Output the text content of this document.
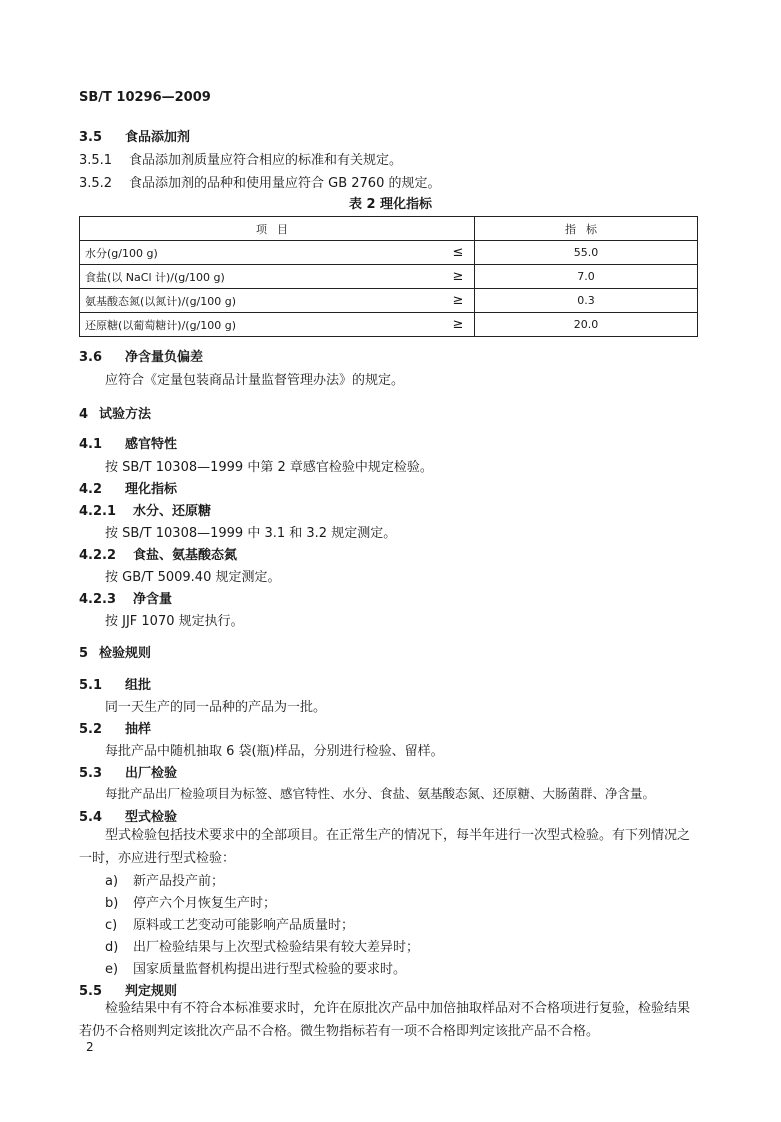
SB/T 10296—2009
3.5 食品添加剂
3.5.1 食品添加剂质量应符合相应的标准和有关规定。
3.5.2 食品添加剂的品种和使用量应符合 GB 2760 的规定。
表 2 理化指标
项目		指标
水分(g/100 g)	≤	55.0
食盐(以 NaCl 计)/(g/100 g)	≥	7.0
氨基酸态氮(以氮计)/(g/100 g)	≥	0.3
还原糖(以葡萄糖计)/(g/100 g)	≥	20.0
3.6 净含量负偏差
应符合《定量包装商品计量监督管理办法》的规定。
4 试验方法
4.1 感官特性
按 SB/T 10308—1999 中第 2 章感官检验中规定检验。
4.2 理化指标
4.2.1 水分、还原糖
按 SB/T 10308—1999 中 3.1 和 3.2 规定测定。
4.2.2 食盐、氨基酸态氮
按 GB/T 5009.40 规定测定。
4.2.3 净含量
按 JJF 1070 规定执行。
5 检验规则
5.1 组批
同一天生产的同一品种的产品为一批。
5.2 抽样
每批产品中随机抽取 6 袋(瓶)样品，分别进行检验、留样。
5.3 出厂检验
每批产品出厂检验项目为标签、感官特性、水分、食盐、氨基酸态氮、还原糖、大肠菌群、净含量。
5.4 型式检验
型式检验包括技术要求中的全部项目。在正常生产的情况下，每半年进行一次型式检验。有下列情况之一时，亦应进行型式检验：
a) 新产品投产前；
b) 停产六个月恢复生产时；
c) 原料或工艺变动可能影响产品质量时；
d) 出厂检验结果与上次型式检验结果有较大差异时；
e) 国家质量监督机构提出进行型式检验的要求时。
5.5 判定规则
检验结果中有不符合本标准要求时，允许在原批次产品中加倍抽取样品对不合格项进行复验，检验结果若仍不合格则判定该批次产品不合格。微生物指标若有一项不合格即判定该批产品不合格。
2
